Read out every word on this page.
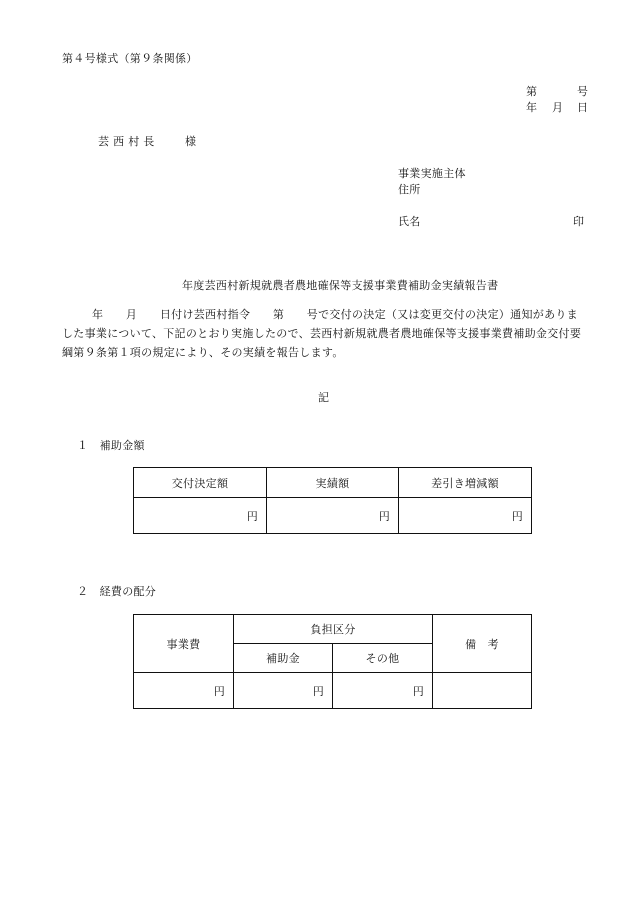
第４号様式（第９条関係）
第	号
年 月 日
芸 西 村 長	様
事業実施主体
住所
氏名	印
年度芸西村新規就農者農地確保等支援事業費補助金実績報告書
年　　 月　　 日付け芸西村指令　　 第　　 号で交付の決定（又は変更交付の決定）通知がありました事業について、下記のとおり実施したので、芸西村新規就農者農地確保等支援事業費補助金交付要綱第９条第１項の規定により、その実績を報告します。
記
１　補助金額
交付決定額	実績額	差引き増減額
円	円	円
２　経費の配分
事業費	負担区分		備　考
	補助金	その他	
円	円	円	
